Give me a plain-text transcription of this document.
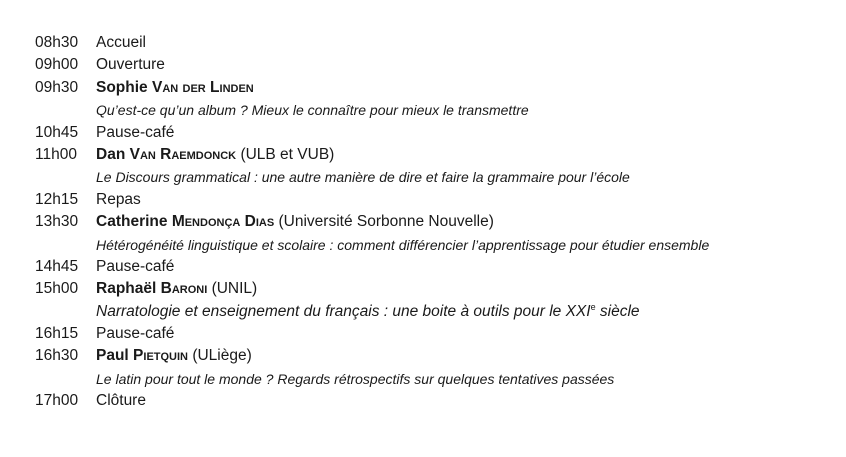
08h30	Accueil
09h00	Ouverture
09h30	Sophie Van der Linden
Qu’est-ce qu’un album ? Mieux le connaître pour mieux le transmettre
10h45	Pause-café
11h00	Dan Van Raemdonck (ULB et VUB)
Le Discours grammatical : une autre manière de dire et faire la grammaire pour l’école
12h15	Repas
13h30	Catherine Mendonça Dias (Université Sorbonne Nouvelle)
Hétérogénéité linguistique et scolaire : comment différencier l’apprentissage pour étudier ensemble
14h45	Pause-café
15h00	Raphaël Baroni (UNIL)
Narratologie et enseignement du français : une boite à outils pour le XXIe siècle
16h15	Pause-café
16h30	Paul Pietquin (ULiège)
Le latin pour tout le monde ? Regards rétrospectifs sur quelques tentatives passées
17h00	Clôture
